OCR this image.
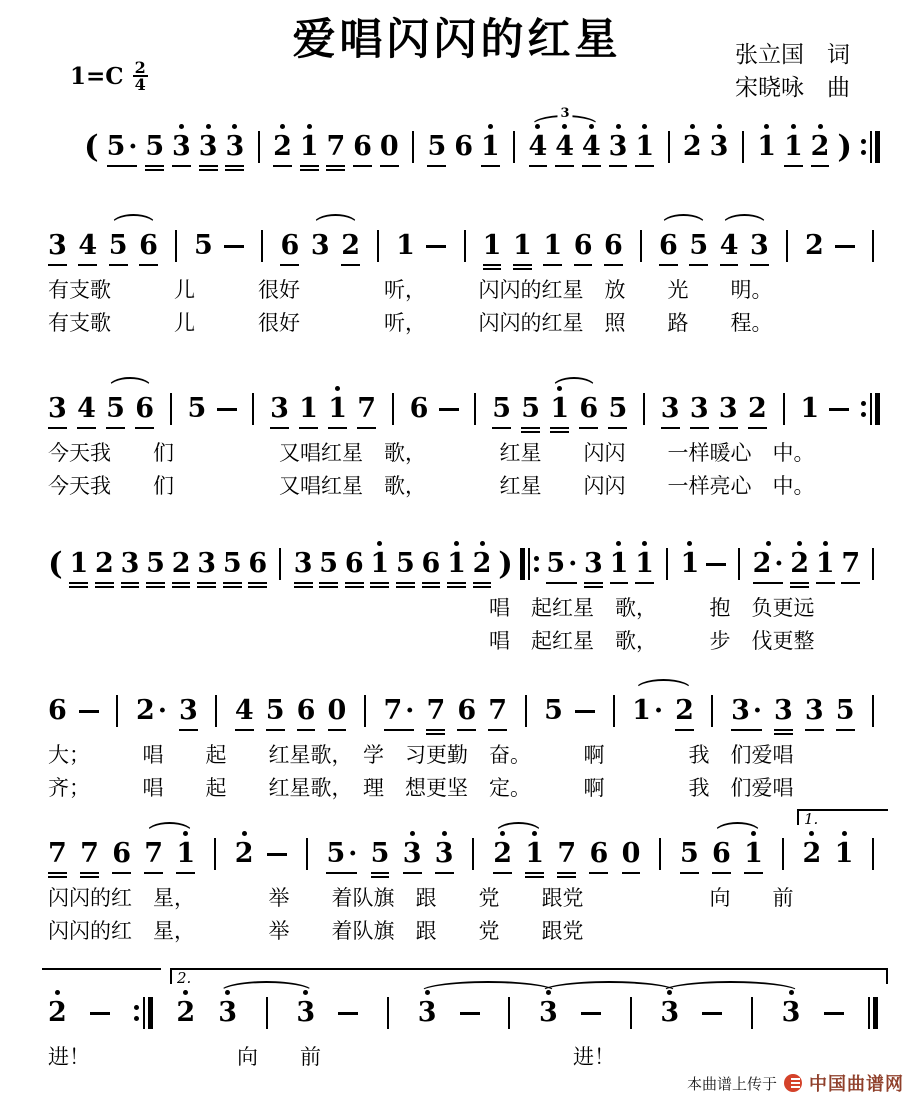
爱唱闪闪的红星	张立国　词
宋晓咏　曲
$1=C \frac{2}{4}$
( 5 · 5 3 3 3 2 1 7 6 0 5 6 1 4 4 4 3 1 2 3 1 1 2 )
3
3 4 5 6 5	6 3 2 1	1 1 1 6 6 6 5 4 3 2
有支歌　　　儿　　　很好　　　　听，　　　闪闪的红星　放　　光　　明。
有支歌　　　儿　　　很好　　　　听，　　　闪闪的红星　照　　路　　程。
3 4 5 6 5 3 1 1 7 6 5 5 1 6 5 3 3 3 2 1
今天我　　们　　　　　又唱红星　歌，　　　　红星　　闪闪　　一样暖心　中。
今天我　　们　　　　　又唱红星　歌，　　　　红星　　闪闪　　一样亮心　中。
( 1 2 3 5 2 3 5 6 3 5 6 1 5 6 1 2 ) 5 · 3 1 1 1 2 · 2 1 7
　　　　　　　　　　　　　　　　　　　　　唱　起红星　歌，　　　抱　负更远
　　　　　　　　　　　　　　　　　　　　　唱　起红星　歌，　　　步　伐更整
6	2 · 3 4 5 6 0 7 · 7 6 7 5	1 · 2 3 · 3 3 5
大；　　　唱　　起　　红星歌，　学　习更勤　奋。　　　啊　　　　我　们爱唱
齐；　　　唱　　起　　红星歌，　理　想更坚　定。　　　啊　　　　我　们爱唱
7 7 6 7 1 2	5 · 5 3 3 2 1 7 6 0 5 6 1 2 1
闪闪的红　星，　　　　举　　着队旗　跟　　党　　跟党　　　　　　向　　前
闪闪的红　星，　　　　举　　着队旗　跟　　党　　跟党
1.
2	2 3 3	3	3	3	3
进！　　　　　　　向　　前　　　　　　　　　　　　进！
2.
本曲谱上传于 中国曲谱网
